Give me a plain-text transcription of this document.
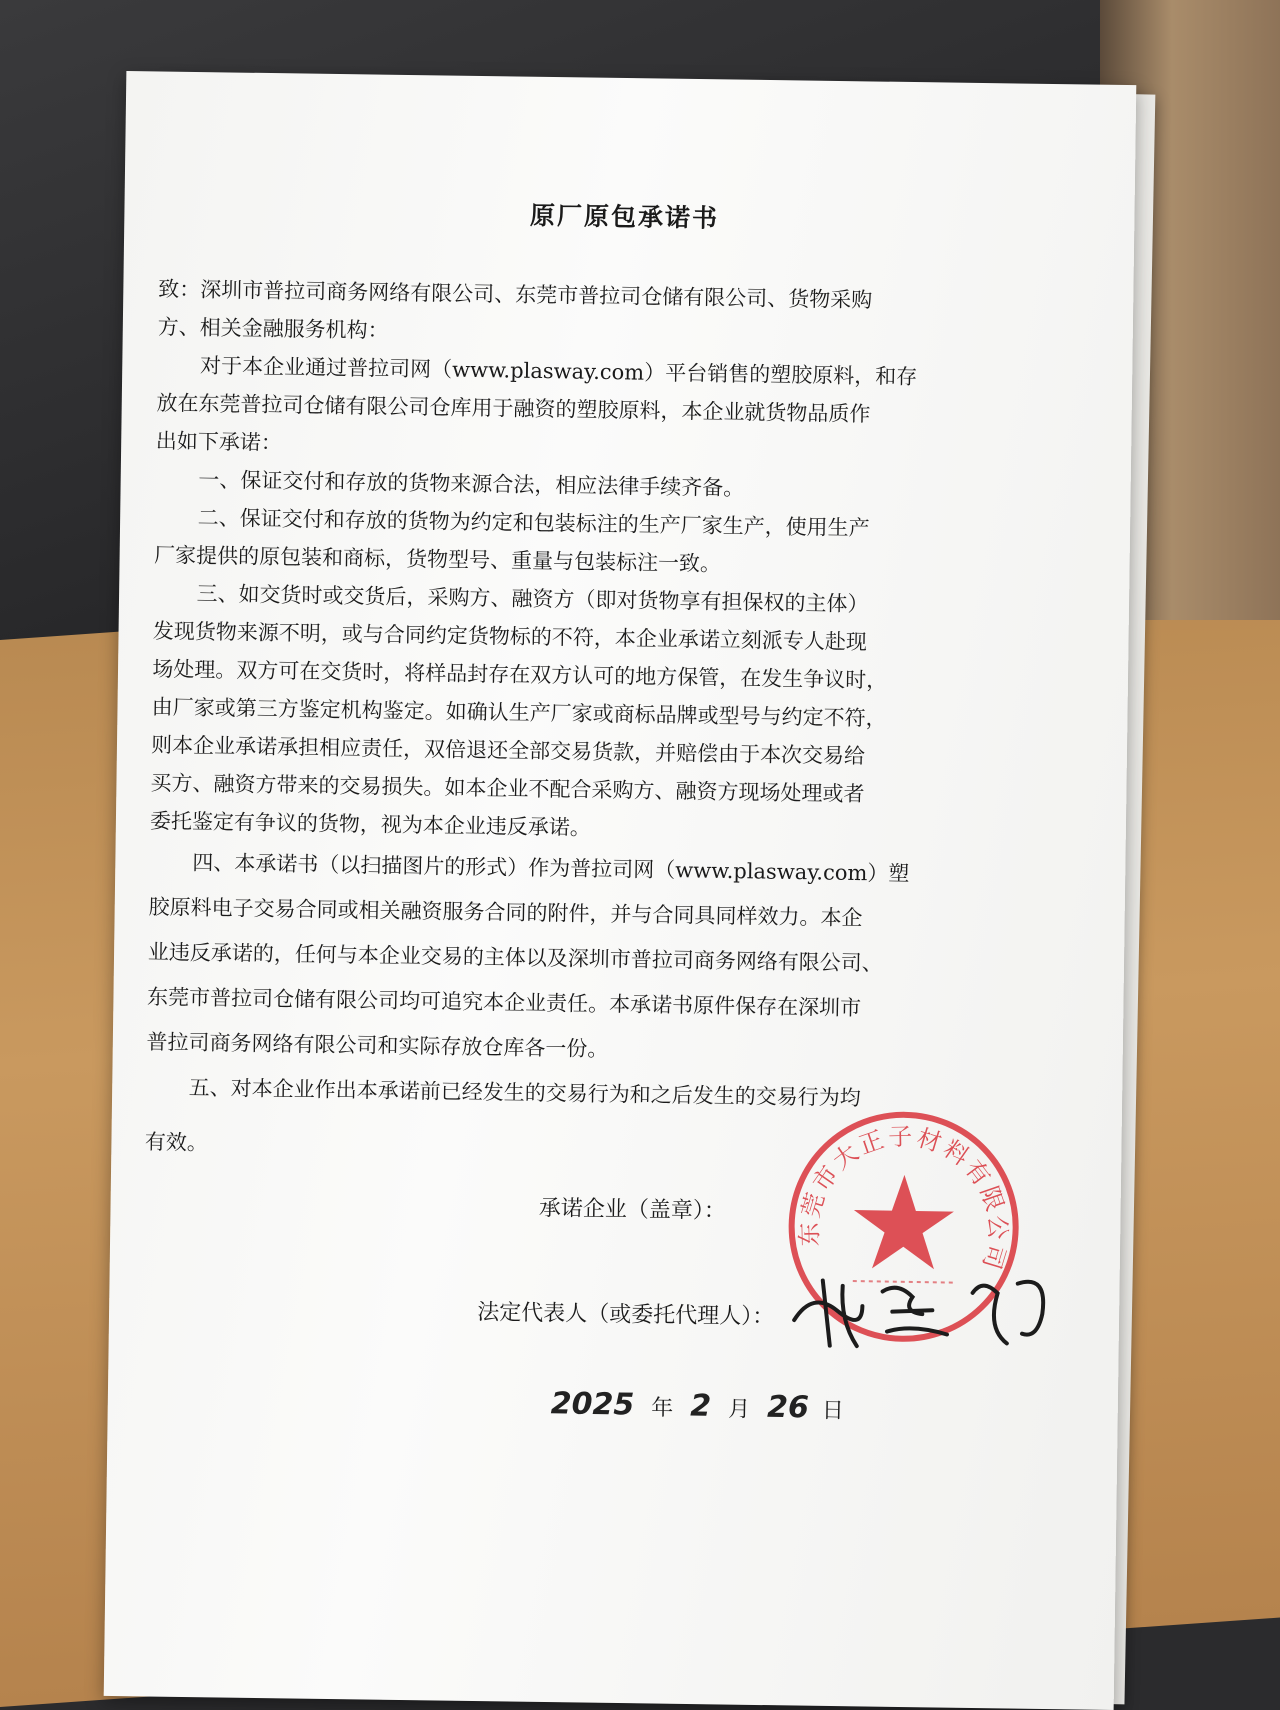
原厂原包承诺书

致：深圳市普拉司商务网络有限公司、东莞市普拉司仓储有限公司、货物采购

方、相关金融服务机构：

对于本企业通过普拉司网（www.plasway.com）平台销售的塑胶原料，和存

放在东莞普拉司仓储有限公司仓库用于融资的塑胶原料，本企业就货物品质作

出如下承诺：

一、保证交付和存放的货物来源合法，相应法律手续齐备。

二、保证交付和存放的货物为约定和包装标注的生产厂家生产，使用生产

厂家提供的原包装和商标，货物型号、重量与包装标注一致。

三、如交货时或交货后，采购方、融资方（即对货物享有担保权的主体）

发现货物来源不明，或与合同约定货物标的不符，本企业承诺立刻派专人赴现

场处理。双方可在交货时，将样品封存在双方认可的地方保管，在发生争议时，

由厂家或第三方鉴定机构鉴定。如确认生产厂家或商标品牌或型号与约定不符，

则本企业承诺承担相应责任，双倍退还全部交易货款，并赔偿由于本次交易给

买方、融资方带来的交易损失。如本企业不配合采购方、融资方现场处理或者

委托鉴定有争议的货物，视为本企业违反承诺。

四、本承诺书（以扫描图片的形式）作为普拉司网（www.plasway.com）塑

胶原料电子交易合同或相关融资服务合同的附件，并与合同具同样效力。本企

业违反承诺的，任何与本企业交易的主体以及深圳市普拉司商务网络有限公司、

东莞市普拉司仓储有限公司均可追究本企业责任。本承诺书原件保存在深圳市

普拉司商务网络有限公司和实际存放仓库各一份。

五、对本企业作出本承诺前已经发生的交易行为和之后发生的交易行为均

有效。

承诺企业（盖章）：
法定代表人（或委托代理人）：
东莞市大正子材料有限公司
2025 年 2 月 26 日
